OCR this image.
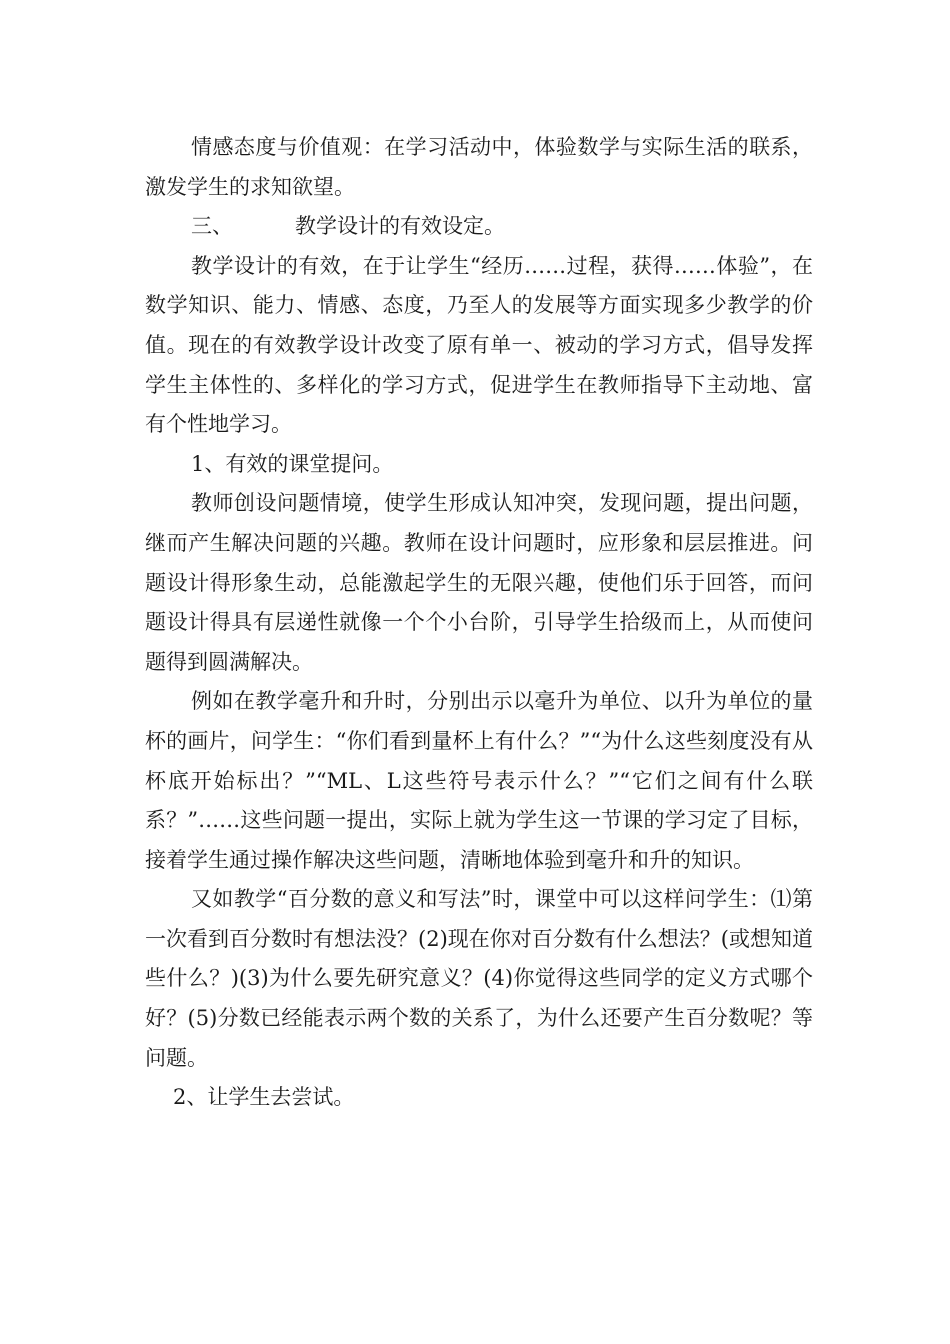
情感态度与价值观：在学习活动中，体验数学与实际生活的联系，激发学生的求知欲望。

三、	教学设计的有效设定。

教学设计的有效，在于让学生“经历……过程，获得……体验”，在数学知识、能力、情感、态度，乃至人的发展等方面实现多少教学的价值。现在的有效教学设计改变了原有单一、被动的学习方式，倡导发挥学生主体性的、多样化的学习方式，促进学生在教师指导下主动地、富有个性地学习。

1、有效的课堂提问。

教师创设问题情境，使学生形成认知冲突，发现问题，提出问题，继而产生解决问题的兴趣。教师在设计问题时，应形象和层层推进。问题设计得形象生动，总能激起学生的无限兴趣，使他们乐于回答，而问题设计得具有层递性就像一个个小台阶，引导学生拾级而上，从而使问题得到圆满解决。

例如在教学毫升和升时，分别出示以毫升为单位、以升为单位的量杯的画片，问学生：“你们看到量杯上有什么？”“为什么这些刻度没有从杯底开始标出？”“ML、L这些符号表示什么？”“它们之间有什么联系？”……这些问题一提出，实际上就为学生这一节课的学习定了目标，接着学生通过操作解决这些问题，清晰地体验到毫升和升的知识。

又如教学“百分数的意义和写法”时，课堂中可以这样问学生：⑴第一次看到百分数时有想法没？(2)现在你对百分数有什么想法？(或想知道些什么？)(3)为什么要先研究意义？(4)你觉得这些同学的定义方式哪个好？(5)分数已经能表示两个数的关系了，为什么还要产生百分数呢？等问题。

2、让学生去尝试。
